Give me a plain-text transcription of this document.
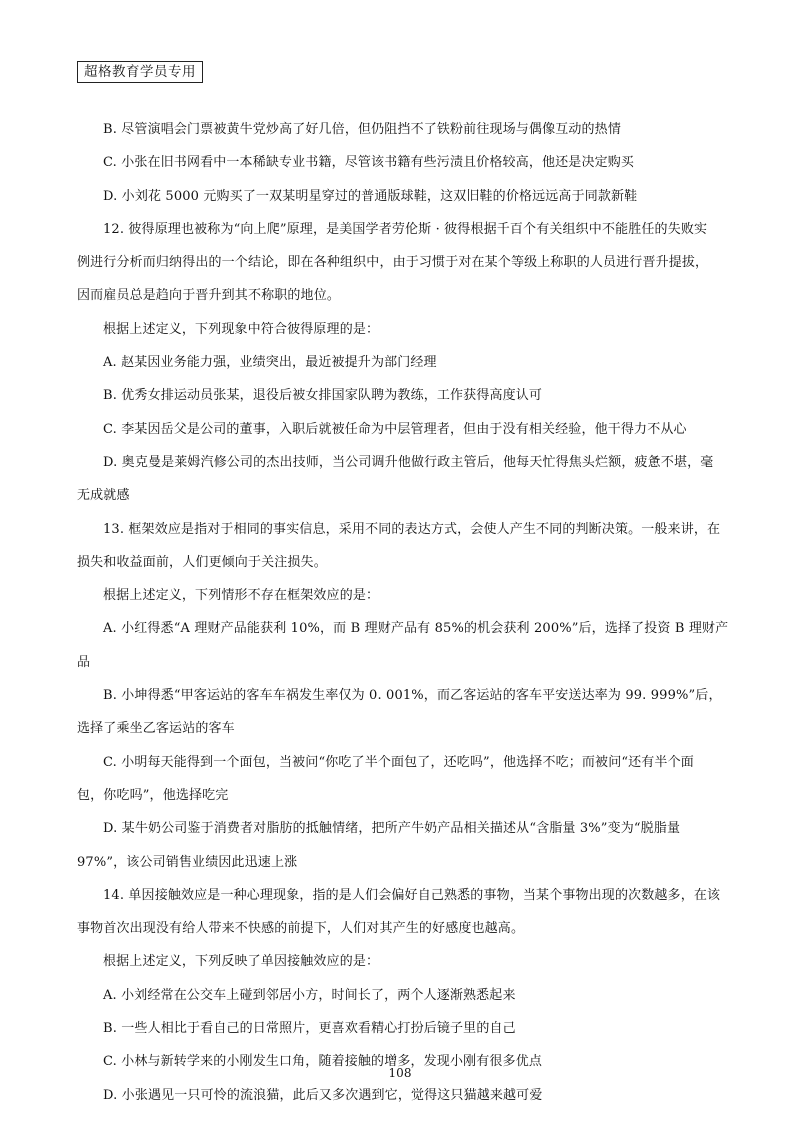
超格教育学员专用
B. 尽管演唱会门票被黄牛党炒高了好几倍，但仍阻挡不了铁粉前往现场与偶像互动的热情
C. 小张在旧书网看中一本稀缺专业书籍，尽管该书籍有些污渍且价格较高，他还是决定购买
D. 小刘花 5000 元购买了一双某明星穿过的普通版球鞋，这双旧鞋的价格远远高于同款新鞋
12. 彼得原理也被称为“向上爬”原理，是美国学者劳伦斯 · 彼得根据千百个有关组织中不能胜任的失败实
例进行分析而归纳得出的一个结论，即在各种组织中，由于习惯于对在某个等级上称职的人员进行晋升提拔，
因而雇员总是趋向于晋升到其不称职的地位。
根据上述定义，下列现象中符合彼得原理的是：
A. 赵某因业务能力强，业绩突出，最近被提升为部门经理
B. 优秀女排运动员张某，退役后被女排国家队聘为教练，工作获得高度认可
C. 李某因岳父是公司的董事，入职后就被任命为中层管理者，但由于没有相关经验，他干得力不从心
D. 奥克曼是莱姆汽修公司的杰出技师，当公司调升他做行政主管后，他每天忙得焦头烂额，疲惫不堪，毫
无成就感
13. 框架效应是指对于相同的事实信息，采用不同的表达方式，会使人产生不同的判断决策。一般来讲，在
损失和收益面前，人们更倾向于关注损失。
根据上述定义，下列情形不存在框架效应的是：
A. 小红得悉“A 理财产品能获利 10%，而 B 理财产品有 85%的机会获利 200%”后，选择了投资 B 理财产
品
B. 小坤得悉“甲客运站的客车车祸发生率仅为 0. 001%，而乙客运站的客车平安送达率为 99. 999%”后，
选择了乘坐乙客运站的客车
C. 小明每天能得到一个面包，当被问“你吃了半个面包了，还吃吗”，他选择不吃；而被问“还有半个面
包，你吃吗”，他选择吃完
D. 某牛奶公司鉴于消费者对脂肪的抵触情绪，把所产牛奶产品相关描述从“含脂量 3%”变为“脱脂量
97%”，该公司销售业绩因此迅速上涨
14. 单因接触效应是一种心理现象，指的是人们会偏好自己熟悉的事物，当某个事物出现的次数越多，在该
事物首次出现没有给人带来不快感的前提下，人们对其产生的好感度也越高。
根据上述定义，下列反映了单因接触效应的是：
A. 小刘经常在公交车上碰到邻居小方，时间长了，两个人逐渐熟悉起来
B. 一些人相比于看自己的日常照片，更喜欢看精心打扮后镜子里的自己
C. 小林与新转学来的小刚发生口角，随着接触的增多，发现小刚有很多优点
D. 小张遇见一只可怜的流浪猫，此后又多次遇到它，觉得这只猫越来越可爱
108
